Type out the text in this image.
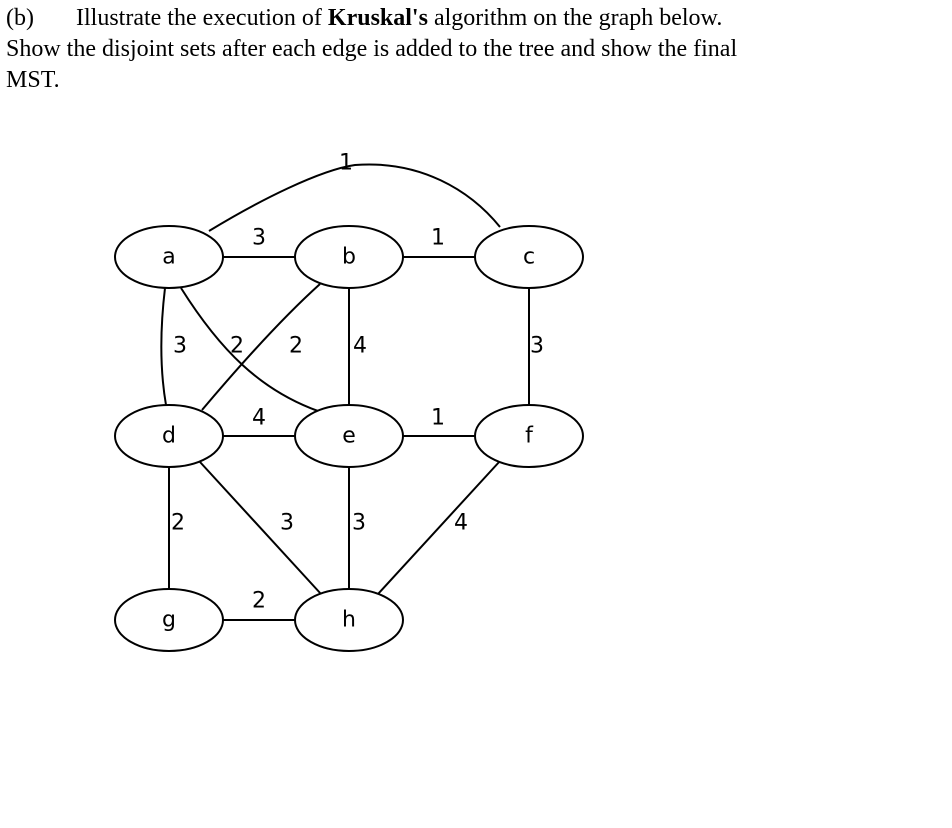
(b) Illustrate the execution of Kruskal's algorithm on the graph below.
Show the disjoint sets after each edge is added to the tree and show the final
MST.
1
3	1
3 2 2 4	3
4	1
2	3	3	4
2
a	b	c
d	e	f
g	h
